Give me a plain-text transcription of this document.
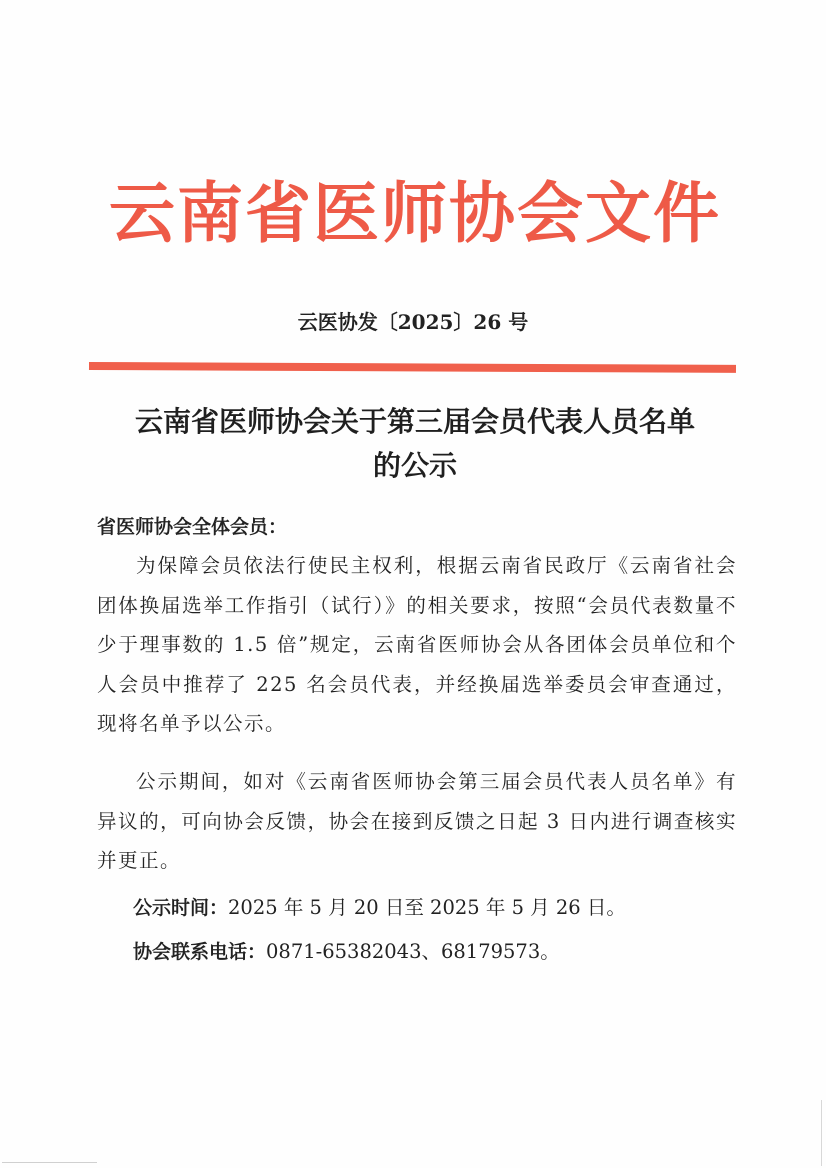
云南省医师协会文件
云医协发〔2025〕26 号
云南省医师协会关于第三届会员代表人员名单
的公示
省医师协会全体会员：
为保障会员依法行使民主权利，根据云南省民政厅《云南省社会团体换届选举工作指引（试行）》的相关要求，按照“会员代表数量不少于理事数的 1.5 倍”规定，云南省医师协会从各团体会员单位和个人会员中推荐了 225 名会员代表，并经换届选举委员会审查通过，现将名单予以公示。
公示期间，如对《云南省医师协会第三届会员代表人员名单》有异议的，可向协会反馈，协会在接到反馈之日起 3 日内进行调查核实并更正。
公示时间：2025 年 5 月 20 日至 2025 年 5 月 26 日。
协会联系电话：0871-65382043、68179573。
